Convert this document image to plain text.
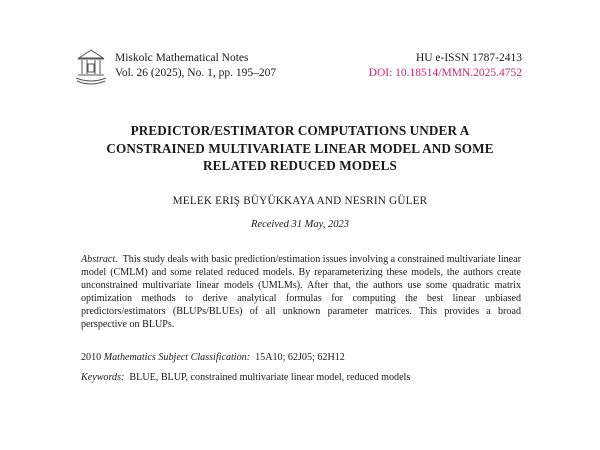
Miskolc Mathematical Notes
Vol. 26 (2025), No. 1, pp. 195–207
HU e-ISSN 1787-2413
DOI: 10.18514/MMN.2025.4752
PREDICTOR/ESTIMATOR COMPUTATIONS UNDER A
CONSTRAINED MULTIVARIATE LINEAR MODEL AND SOME
RELATED REDUCED MODELS
MELEK ERIŞ BÜYÜKKAYA AND NESRIN GÜLER
Received 31 May, 2023
Abstract. This study deals with basic prediction/estimation issues involving a constrained multivariate linear model (CMLM) and some related reduced models. By reparameterizing these models, the authors create unconstrained multivariate linear models (UMLMs). After that, the authors use some quadratic matrix optimization methods to derive analytical formulas for computing the best linear unbiased predictors/estimators (BLUPs/BLUEs) of all unknown parameter matrices. This provides a broad perspective on BLUPs.
2010 Mathematics Subject Classification: 15A10; 62J05; 62H12
Keywords: BLUE, BLUP, constrained multivariate linear model, reduced models
